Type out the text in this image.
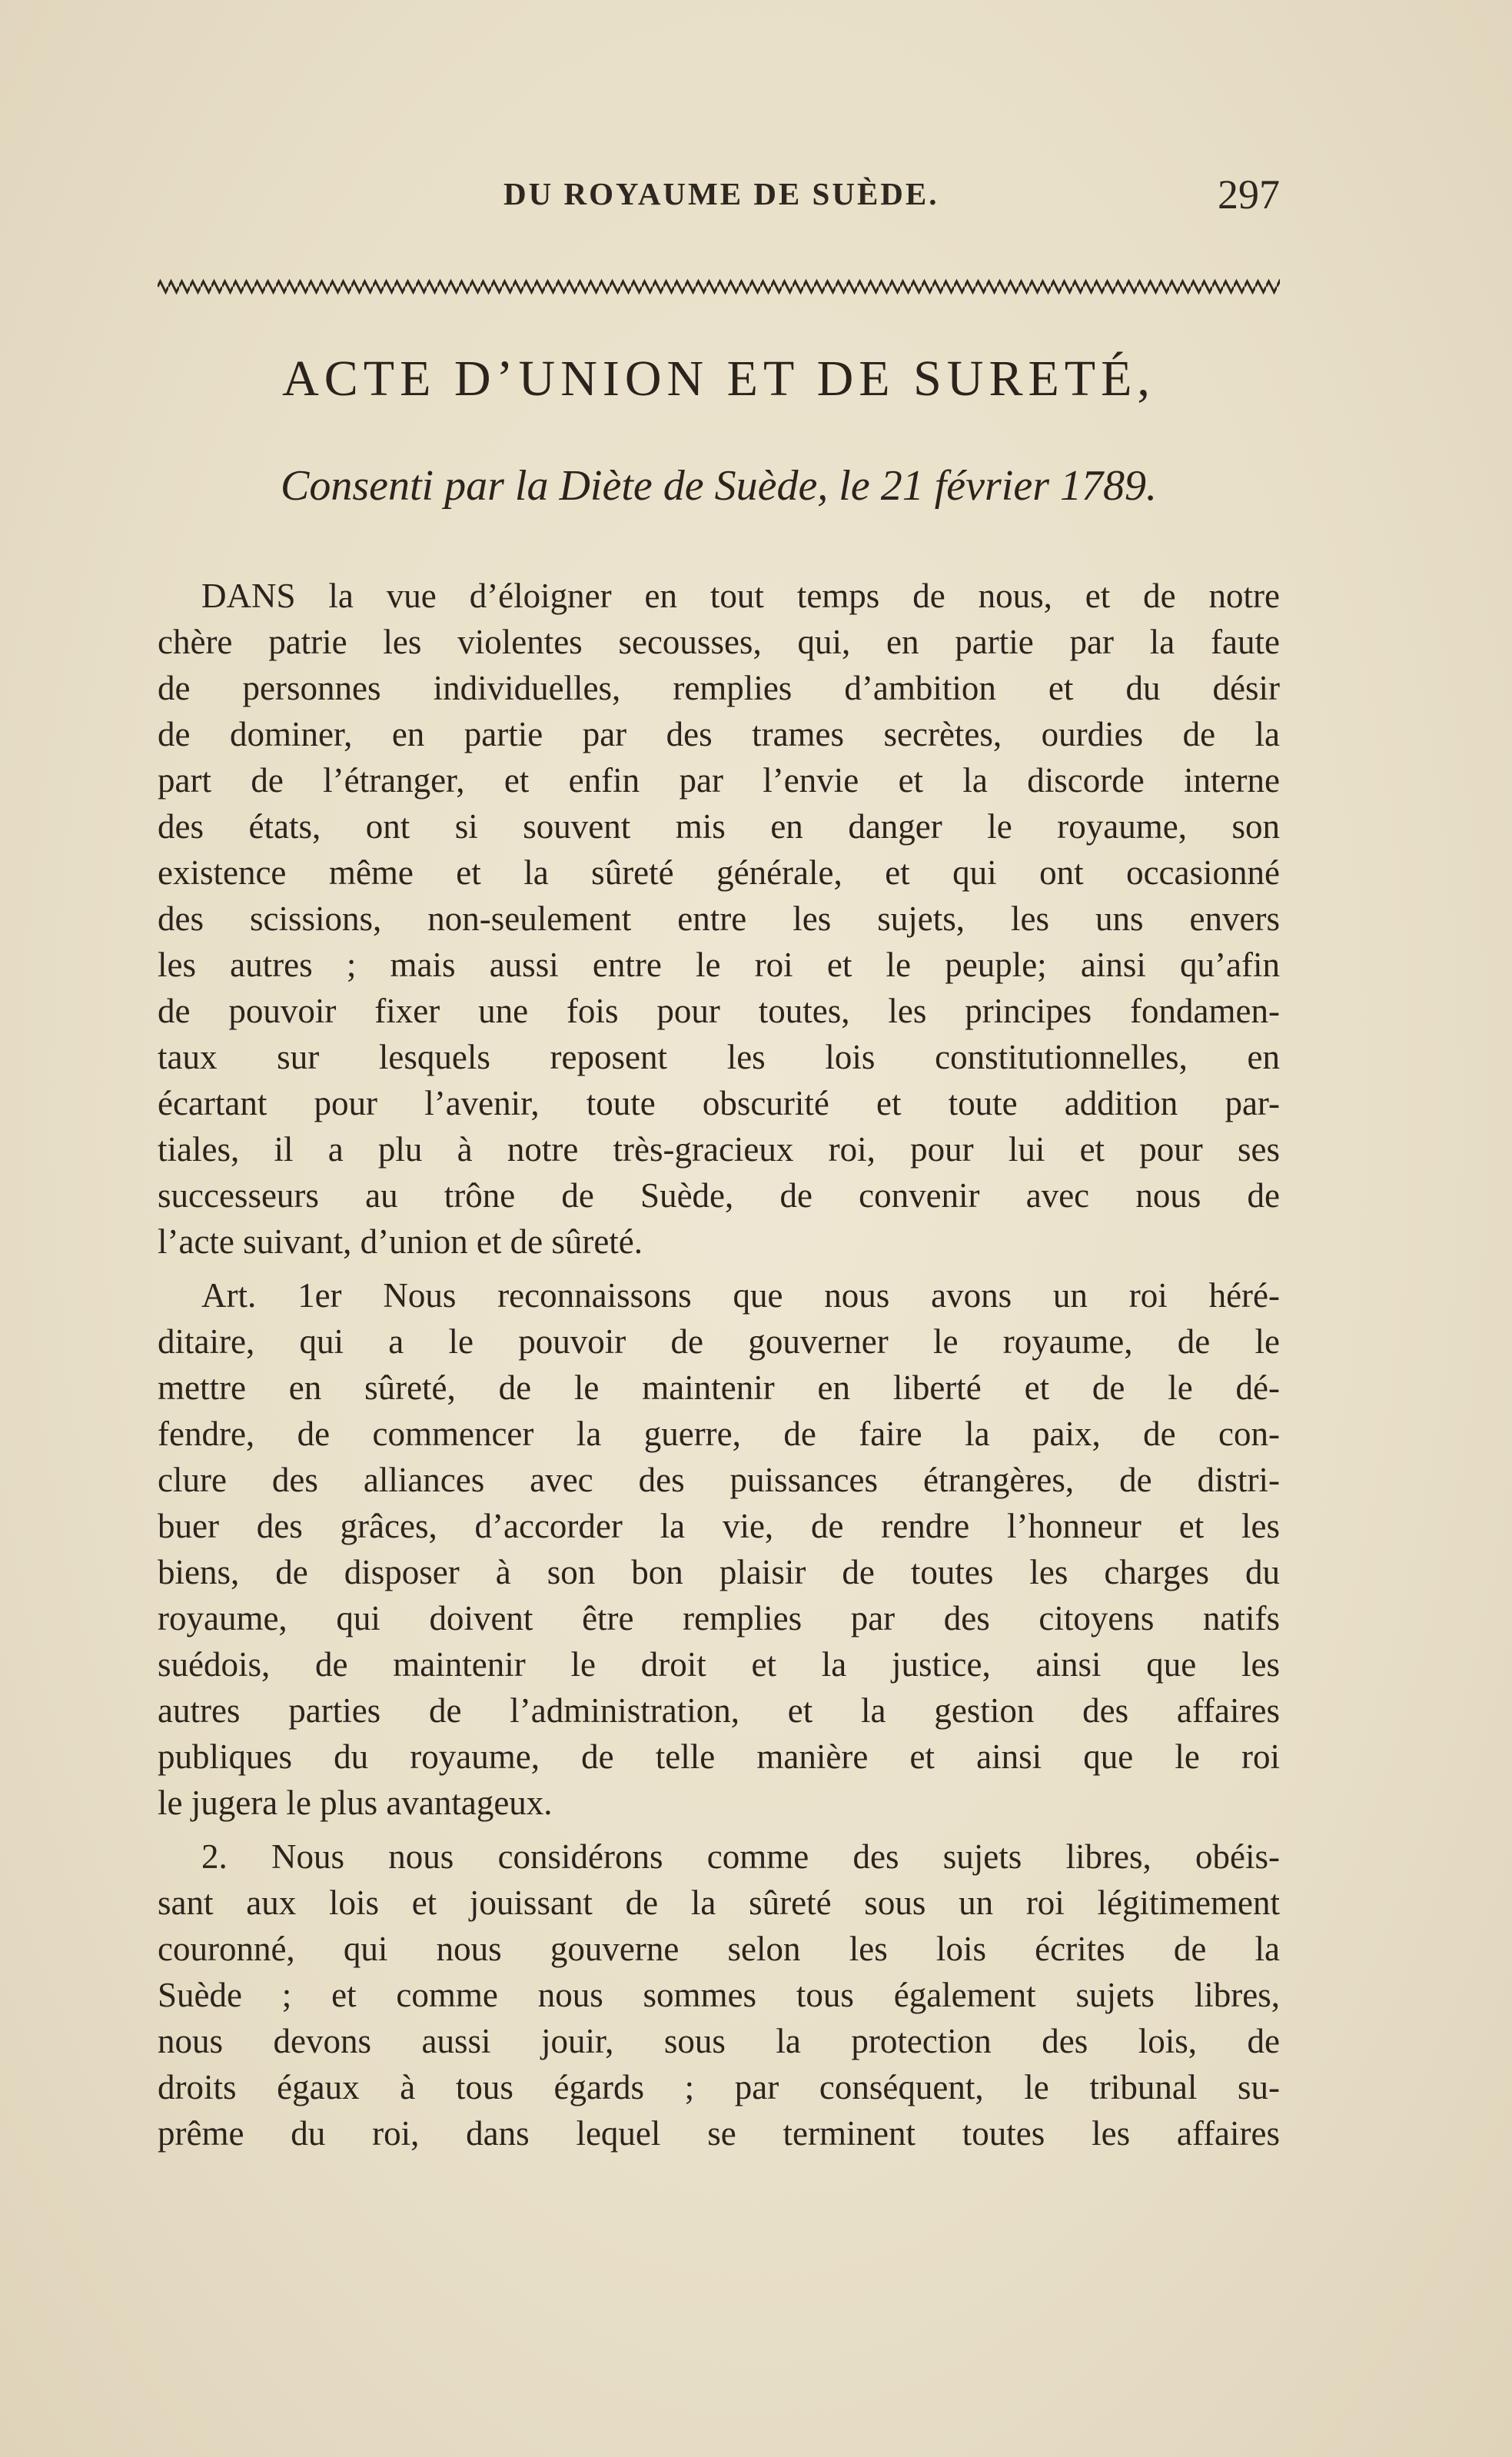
DU ROYAUME DE SUÈDE.	297
ACTE D’UNION ET DE SURETÉ,
Consenti par la Diète de Suède, le 21 février 1789.
DANS la vue d’éloigner en tout temps de nous, et de notre
chère patrie les violentes secousses, qui, en partie par la faute
de personnes individuelles, remplies d’ambition et du désir
de dominer, en partie par des trames secrètes, ourdies de la
part de l’étranger, et enfin par l’envie et la discorde interne
des états, ont si souvent mis en danger le royaume, son
existence même et la sûreté générale, et qui ont occasionné
des scissions, non-seulement entre les sujets, les uns envers
les autres ; mais aussi entre le roi et le peuple; ainsi qu’afin
de pouvoir fixer une fois pour toutes, les principes fondamen-
taux sur lesquels reposent les lois constitutionnelles, en
écartant pour l’avenir, toute obscurité et toute addition par-
tiales, il a plu à notre très-gracieux roi, pour lui et pour ses
successeurs au trône de Suède, de convenir avec nous de
l’acte suivant, d’union et de sûreté.
Art. 1er Nous reconnaissons que nous avons un roi héré-
ditaire, qui a le pouvoir de gouverner le royaume, de le
mettre en sûreté, de le maintenir en liberté et de le dé-
fendre, de commencer la guerre, de faire la paix, de con-
clure des alliances avec des puissances étrangères, de distri-
buer des grâces, d’accorder la vie, de rendre l’honneur et les
biens, de disposer à son bon plaisir de toutes les charges du
royaume, qui doivent être remplies par des citoyens natifs
suédois, de maintenir le droit et la justice, ainsi que les
autres parties de l’administration, et la gestion des affaires
publiques du royaume, de telle manière et ainsi que le roi
le jugera le plus avantageux.
2. Nous nous considérons comme des sujets libres, obéis-
sant aux lois et jouissant de la sûreté sous un roi légitimement
couronné, qui nous gouverne selon les lois écrites de la
Suède ; et comme nous sommes tous également sujets libres,
nous devons aussi jouir, sous la protection des lois, de
droits égaux à tous égards ; par conséquent, le tribunal su-
prême du roi, dans lequel se terminent toutes les affaires
